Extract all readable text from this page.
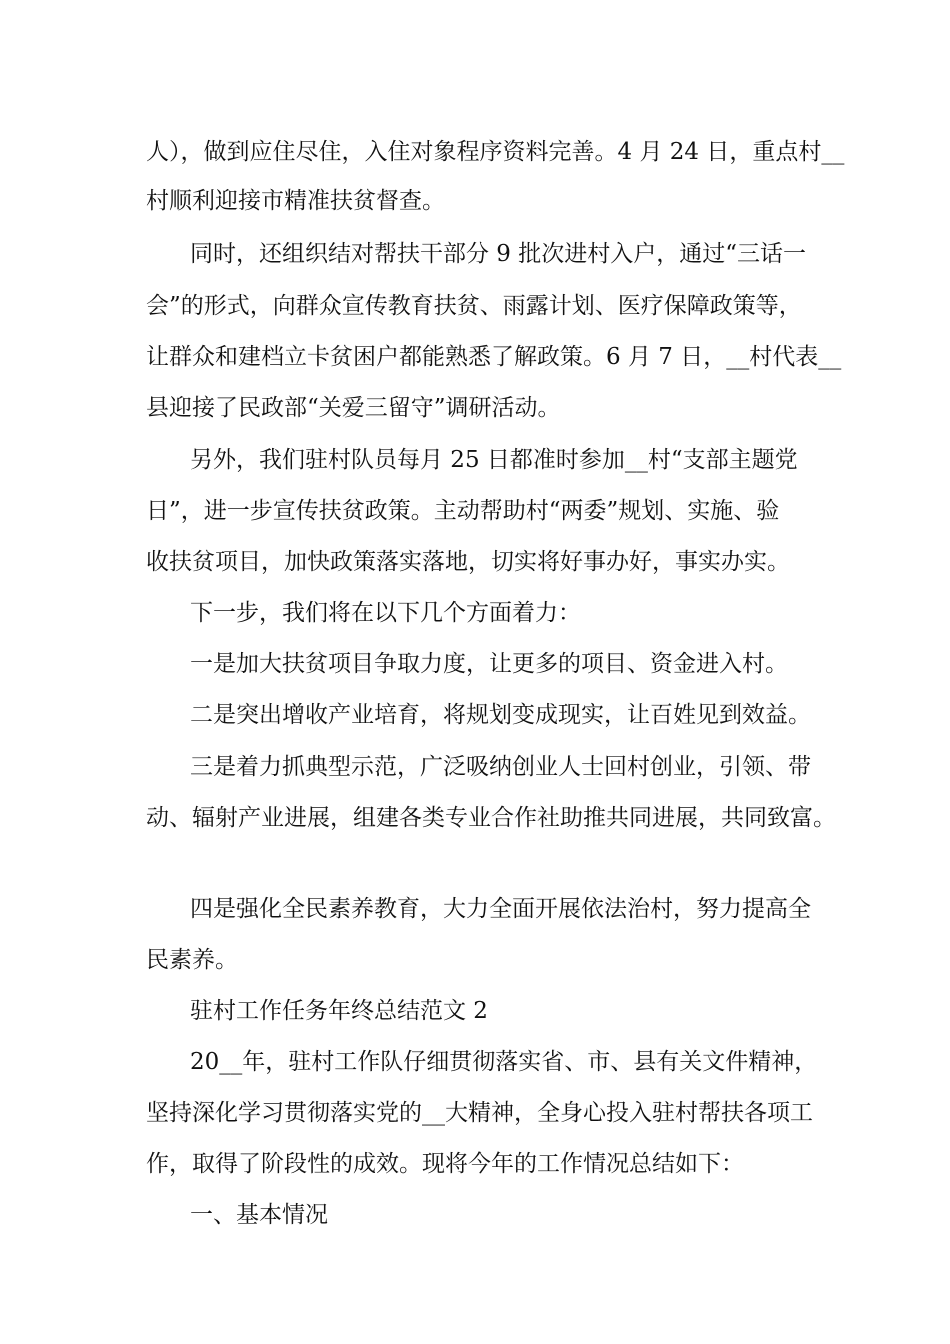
人），做到应住尽住，入住对象程序资料完善。4 月 24 日，重点村__
村顺利迎接市精准扶贫督查。
同时，还组织结对帮扶干部分 9 批次进村入户，通过“三话一
会”的形式，向群众宣传教育扶贫、雨露计划、医疗保障政策等，
让群众和建档立卡贫困户都能熟悉了解政策。6 月 7 日，__村代表__
县迎接了民政部“关爱三留守”调研活动。
另外，我们驻村队员每月 25 日都准时参加__村“支部主题党
日”，进一步宣传扶贫政策。主动帮助村“两委”规划、实施、验
收扶贫项目，加快政策落实落地，切实将好事办好，事实办实。
下一步，我们将在以下几个方面着力：
一是加大扶贫项目争取力度，让更多的项目、资金进入村。
二是突出增收产业培育，将规划变成现实，让百姓见到效益。
三是着力抓典型示范，广泛吸纳创业人士回村创业，引领、带
动、辐射产业进展，组建各类专业合作社助推共同进展，共同致富。
四是强化全民素养教育，大力全面开展依法治村，努力提高全
民素养。
驻村工作任务年终总结范文 2
20__年，驻村工作队仔细贯彻落实省、市、县有关文件精神，
坚持深化学习贯彻落实党的__大精神，全身心投入驻村帮扶各项工
作，取得了阶段性的成效。现将今年的工作情况总结如下：
一、基本情况
